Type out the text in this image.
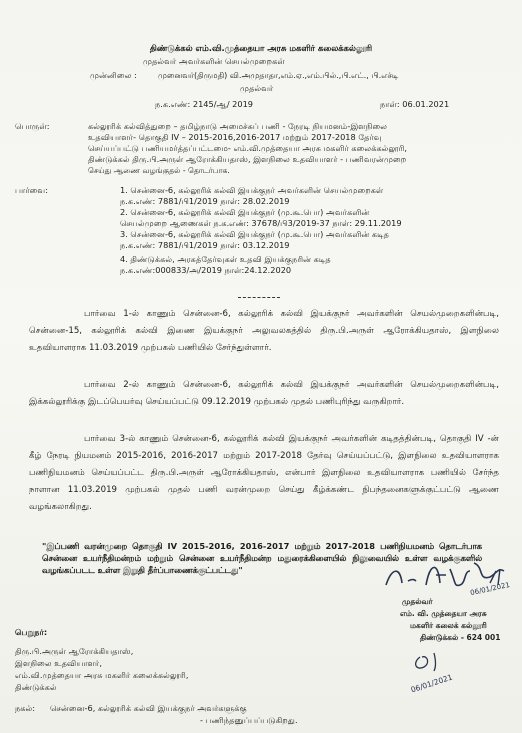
திண்டுக்கல் எம்.வி.முத்தையா அரசு மகளிர் கலைக்கல்லூரி
முதல்வர் அவர்களின் செயல்முறைகள்
முன்னிலை :	முனைவர்(திருமதி) வி.அமுதாதா,எம்.ஏ.,எம்.பில்.,பி.எட்., பி.எச்டி
முதல்வர்
ந.க.எண்: 2145/ஆ/ 2019	நாள்: 06.01.2021
பொருள்:	கல்லூரிக் கல்வித்துறை – தமிழ்நாடு அமைச்சுப் பணி - நேரடி நியமனம்-இளநிலை
உதவியாளர்- தொகுதி IV – 2015-2016,2016-2017 மற்றும் 2017-2018 தேர்வு
செய்யப்பட்டு பணியமர்த்தப்பட்டமை- எம்.வி.முத்தையா அரசு மகளிர் கலைக்கல்லூரி,
திண்டுக்கல் திரு.பி.அருள் ஆரோக்கியதாஸ், இளநிலை உதவியாளர் - பணிவரன்முறை
செய்து ஆணை வழங்குதல் - தொடர்பாக.
பார்வை:	1. சென்னை-6, கல்லூரிக் கல்வி இயக்குநர் அவர்களின் செயல்முறைகள்
ந.க.எண்: 7881/பி1/2019 நாள்: 28.02.2019
2. சென்னை-6, கல்லூரிக் கல்வி இயக்குநர் (மு.கூ.பொ) அவர்களின்
செயல்முறை ஆணைகள் ந.க.எண்: 37678/பி3/2019-37 நாள்: 29.11.2019
3. சென்னை-6, கல்லூரிக் கல்வி இயக்குநர் (மு.கூ.பொ) அவர்களின் கடித
ந.க.எண்: 7881/பி1/2019 நாள்: 03.12.2019
4. திண்டுக்கல், அரசுத்தேர்வுகள் உதவி இயக்குநரின் கடித
ந.க.எண்:000833/அ/2019 நாள்:24.12.2020
பார்வை 1-ல் காணும் சென்னை-6, கல்லூரிக் கல்வி இயக்குநர் அவர்களின் செயல்முறைகளின்படி, சென்னை-15, கல்லூரிக் கல்வி இணை இயக்குநர் அலுவலகத்தில் திரு.பி.அருள் ஆரோக்கியதாஸ், இளநிலை உதவியாளராக 11.03.2019 முற்பகல் பணியில் சேர்ந்துள்ளார்.
பார்வை 2-ல் காணும் சென்னை-6, கல்லூரிக் கல்வி இயக்குநர் அவர்களின் செயல்முறைகளின்படி, இக்கல்லூரிக்கு இடப்பெயர்வு செய்யப்பட்டு 09.12.2019 முற்பகல் முதல் பணிபுரிந்து வருகிறார்.
பார்வை 3-ல் காணும் சென்னை-6, கல்லூரிக் கல்வி இயக்குநர் அவர்களின் கடிதத்தின்படி, தொகுதி IV -ன் கீழ் நேரடி நியமனம் 2015-2016, 2016-2017 மற்றும் 2017-2018 தேர்வு செய்யப்பட்டு, இளநிலை உதவியாளராக பணிநியமனம் செய்யப்பட்ட திரு.பி.அருள் ஆரோக்கியதாஸ், என்பார் இளநிலை உதவியாளராக பணியில் சேர்ந்த நாளான 11.03.2019 முற்பகல் முதல் பணி வரன்முறை செய்து கீழ்க்கண்ட நிபந்தனைகளுக்குட்பட்டு ஆணை வழங்கலாகிறது.
"இப்பணி வரன்முறை தொகுதி IV 2015-2016, 2016-2017 மற்றும் 2017-2018 பணிநியமனம் தொடர்பாக சென்னை உயர்நீதிமன்றம் மற்றும் சென்னை உயர்நீதிமன்ற மதுரைக்கிளையில் நிலுவையில் உள்ள வழக்குகளில் வழங்கப்படட உள்ள இறுதி தீர்ப்பாணைக்குட்பட்டது"
06/01/2021
முதல்வர்
எம். வி. முத்தையா அரசு
மகளிர் கலைக் கல்லூரி
திண்டுக்கல் - 624 001
06/01/2021
பெறுநர்:
திரு.பி.அருள் ஆரோக்கியதாஸ்,
இளநிலை உதவியாளர்,
எம்.வி.முத்தையா அரசு மகளிர் கலைக்கல்லூரி,
திண்டுக்கல்
நகல்: சென்னை-6, கல்லூரிக் கல்வி இயக்குநர் அவர்களுக்கு
- பணிந்தனுப்பப்படுகிறது.
